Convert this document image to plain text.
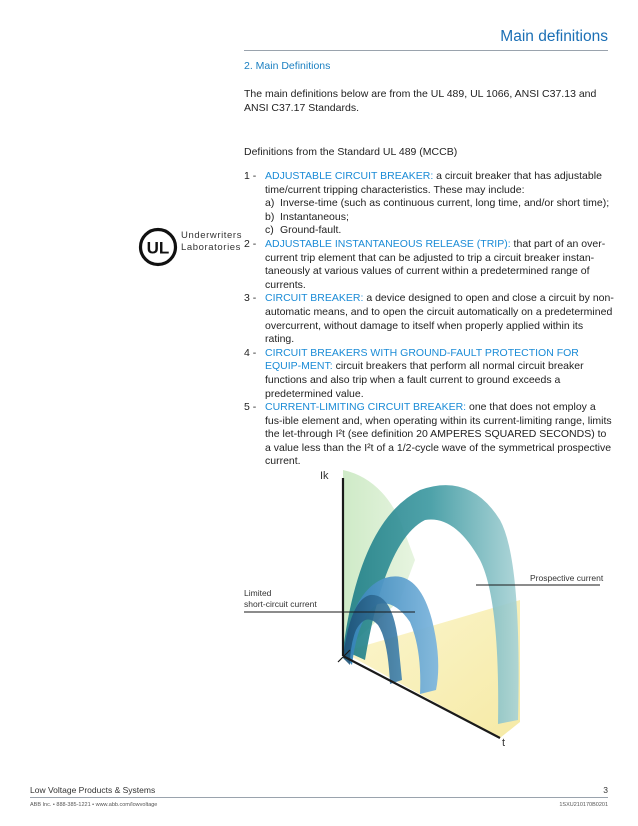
Main definitions
2. Main Definitions
The main definitions below are from the UL 489, UL 1066, ANSI C37.13 and
ANSI C37.17 Standards.
Definitions from the Standard UL 489 (MCCB)
UL
Underwriters
Laboratories
1 - ADJUSTABLE CIRCUIT BREAKER: a circuit breaker that has adjustable time/current tripping characteristics. These may include:
a) Inverse-time (such as continuous current, long time, and/or short time);
b) Instantaneous;
c) Ground-fault.
2 - ADJUSTABLE INSTANTANEOUS RELEASE (TRIP): that part of an over-current trip element that can be adjusted to trip a circuit breaker instan-taneously at various values of current within a predetermined range of currents.
3 - CIRCUIT BREAKER: a device designed to open and close a circuit by non-automatic means, and to open the circuit automatically on a predetermined overcurrent, without damage to itself when properly applied within its rating.
4 - CIRCUIT BREAKERS WITH GROUND-FAULT PROTECTION FOR EQUIP-MENT: circuit breakers that perform all normal circuit breaker functions and also trip when a fault current to ground exceeds a predetermined value.
5 - CURRENT-LIMITING CIRCUIT BREAKER: one that does not employ a fus-ible element and, when operating within its current-limiting range, limits the let-through I²t (see definition 20 AMPERES SQUARED SECONDS) to a value less than the I²t of a 1/2-cycle wave of the symmetrical prospective current.
Ik
t
Prospective current
Limited
short-circuit current
Low Voltage Products & Systems	3
ABB Inc. • 888-385-1221 • www.abb.com/lowvoltage	1SXU210170B0201
